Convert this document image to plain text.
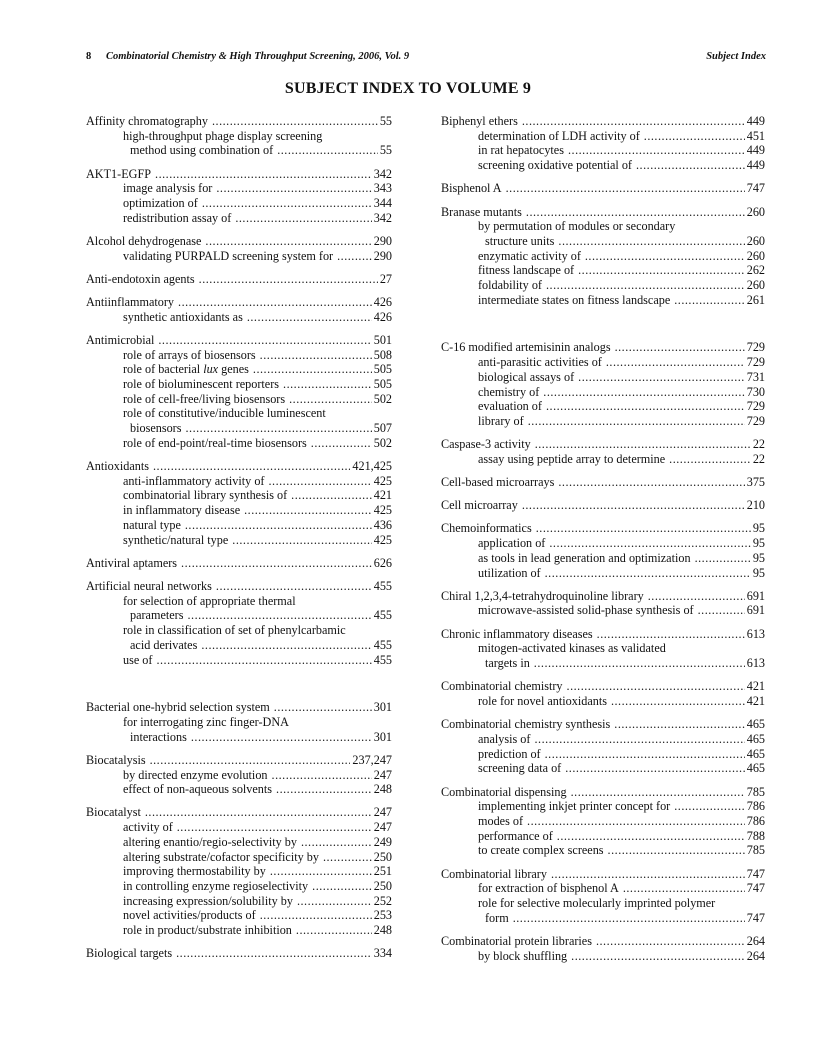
8 Combinatorial Chemistry & High Throughput Screening, 2006, Vol. 9	Subject Index
SUBJECT INDEX TO VOLUME 9
Affinity chromatography .....	55
high-throughput phage display screening
method using combination of .....	55
AKT1-EGFP .....	342
image analysis for .....	343
optimization of .....	344
redistribution assay of .....	342
Alcohol dehydrogenase .....	290
validating PURPALD screening system for .....	290
Anti-endotoxin agents .....	27
Antiinflammatory .....	426
synthetic antioxidants as .....	426
Antimicrobial .....	501
role of arrays of biosensors .....	508
role of bacterial lux genes .....	505
role of bioluminescent reporters .....	505
role of cell-free/living biosensors .....	502
role of constitutive/inducible luminescent
biosensors .....	507
role of end-point/real-time biosensors .....	502
Antioxidants .....	421,425
anti-inflammatory activity of .....	425
combinatorial library synthesis of .....	421
in inflammatory disease .....	425
natural type .....	436
synthetic/natural type .....	425
Antiviral aptamers .....	626
Artificial neural networks .....	455
for selection of appropriate thermal
parameters .....	455
role in classification of set of phenylcarbamic
acid derivates .....	455
use of .....	455
Bacterial one-hybrid selection system .....	301
for interrogating zinc finger-DNA
interactions .....	301
Biocatalysis .....	237,247
by directed enzyme evolution .....	247
effect of non-aqueous solvents .....	248
Biocatalyst .....	247
activity of .....	247
altering enantio/regio-selectivity by .....	249
altering substrate/cofactor specificity by .....	250
improving thermostability by .....	251
in controlling enzyme regioselectivity .....	250
increasing expression/solubility by .....	252
novel activities/products of .....	253
role in product/substrate inhibition .....	248
Biological targets .....	334
Biphenyl ethers .....	449
determination of LDH activity of .....	451
in rat hepatocytes .....	449
screening oxidative potential of .....	449
Bisphenol A .....	747
Branase mutants .....	260
by permutation of modules or secondary
structure units .....	260
enzymatic activity of .....	260
fitness landscape of .....	262
foldability of .....	260
intermediate states on fitness landscape .....	261
C-16 modified artemisinin analogs .....	729
anti-parasitic activities of .....	729
biological assays of .....	731
chemistry of .....	730
evaluation of .....	729
library of .....	729
Caspase-3 activity .....	22
assay using peptide array to determine .....	22
Cell-based microarrays .....	375
Cell microarray .....	210
Chemoinformatics .....	95
application of .....	95
as tools in lead generation and optimization .....	95
utilization of .....	95
Chiral 1,2,3,4-tetrahydroquinoline library .....	691
microwave-assisted solid-phase synthesis of .....	691
Chronic inflammatory diseases .....	613
mitogen-activated kinases as validated
targets in .....	613
Combinatorial chemistry .....	421
role for novel antioxidants .....	421
Combinatorial chemistry synthesis .....	465
analysis of .....	465
prediction of .....	465
screening data of .....	465
Combinatorial dispensing .....	785
implementing inkjet printer concept for .....	786
modes of .....	786
performance of .....	788
to create complex screens .....	785
Combinatorial library .....	747
for extraction of bisphenol A .....	747
role for selective molecularly imprinted polymer
form .....	747
Combinatorial protein libraries .....	264
by block shuffling .....	264
